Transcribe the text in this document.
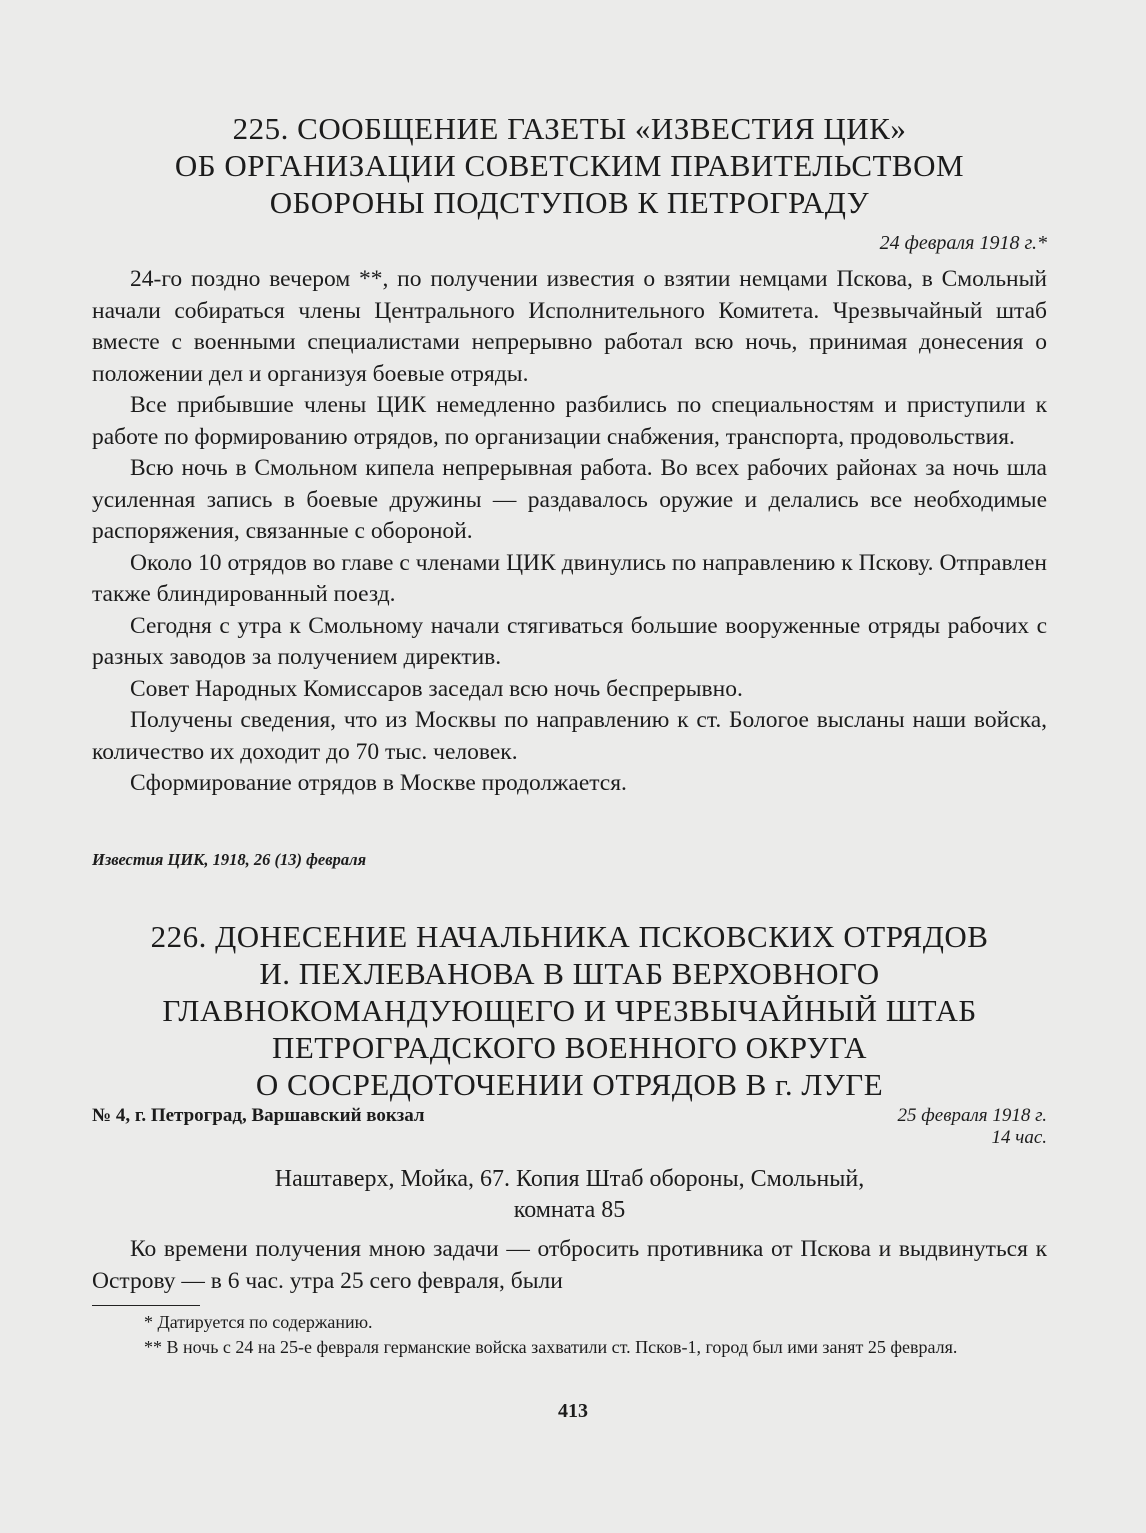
225. СООБЩЕНИЕ ГАЗЕТЫ «ИЗВЕСТИЯ ЦИК»

ОБ ОРГАНИЗАЦИИ СОВЕТСКИМ ПРАВИТЕЛЬСТВОМ

ОБОРОНЫ ПОДСТУПОВ К ПЕТРОГРАДУ

24 февраля 1918 г.*

24-го поздно вечером **, по получении известия о взятии немцами Пскова, в Смольный начали собираться члены Центрального Исполнительного Комитета. Чрезвычайный штаб вместе с военными специалистами непрерывно работал всю ночь, принимая донесения о положении дел и организуя боевые отряды.

Все прибывшие члены ЦИК немедленно разбились по специальностям и приступили к работе по формированию отрядов, по организации снабжения, транспорта, продовольствия.

Всю ночь в Смольном кипела непрерывная работа. Во всех рабочих районах за ночь шла усиленная запись в боевые дружины — раздавалось оружие и делались все необходимые распоряжения, связанные с обороной.

Около 10 отрядов во главе с членами ЦИК двинулись по направлению к Пскову. Отправлен также блиндированный поезд.

Сегодня с утра к Смольному начали стягиваться большие вооруженные отряды рабочих с разных заводов за получением директив.

Совет Народных Комиссаров заседал всю ночь беспрерывно.

Получены сведения, что из Москвы по направлению к ст. Бологое высланы наши войска, количество их доходит до 70 тыс. человек.

Сформирование отрядов в Москве продолжается.

Известия ЦИК, 1918, 26 (13) февраля

226. ДОНЕСЕНИЕ НАЧАЛЬНИКА ПСКОВСКИХ ОТРЯДОВ

И. ПЕХЛЕВАНОВА В ШТАБ ВЕРХОВНОГО

ГЛАВНОКОМАНДУЮЩЕГО И ЧРЕЗВЫЧАЙНЫЙ ШТАБ

ПЕТРОГРАДСКОГО ВОЕННОГО ОКРУГА

О СОСРЕДОТОЧЕНИИ ОТРЯДОВ В г. ЛУГЕ

№ 4, г. Петроград, Варшавский вокзал	25 февраля 1918 г.
14 час.
Наштаверх, Мойка, 67. Копия Штаб обороны, Смольный,
комната 85

Ко времени получения мною задачи — отбросить противника от Пскова и выдвинуться к Острову — в 6 час. утра 25 сего февраля, были

* Датируется по содержанию.
** В ночь с 24 на 25-е февраля германские войска захватили ст. Псков-1, город был ими занят 25 февраля.
413
